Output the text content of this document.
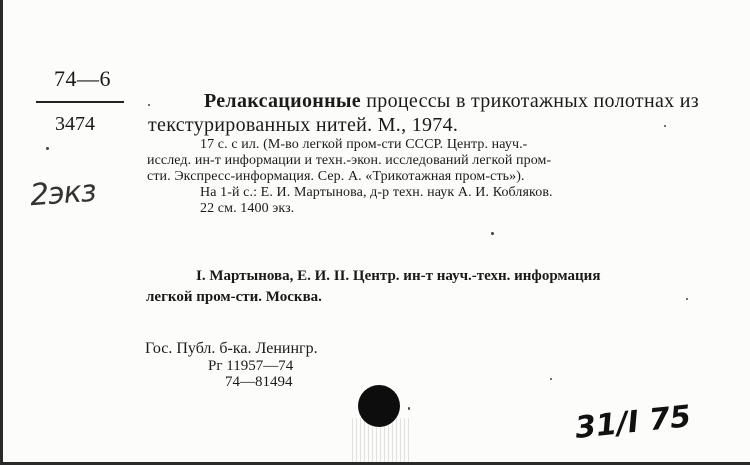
74—6
3474
2экз
Релаксационные процессы в трикотажных полотнах из текстурированных нитей. М., 1974.
17 с. с ил. (М-во легкой пром-сти СССР. Центр. науч.-
исслед. ин-т информации и техн.-экон. исследований легкой пром-
сти. Экспресс-информация. Сер. А. «Трикотажная пром-сть»).
На 1-й с.: Е. И. Мартынова, д-р техн. наук А. И. Кобляков.
22 см. 1400 экз.
I. Мартынова, Е. И. II. Центр. ин-т науч.-техн. информация
легкой пром-сти. Москва.
Гос. Публ. б-ка. Ленингр.
Рг 11957—74
74—81494
31/І 75
